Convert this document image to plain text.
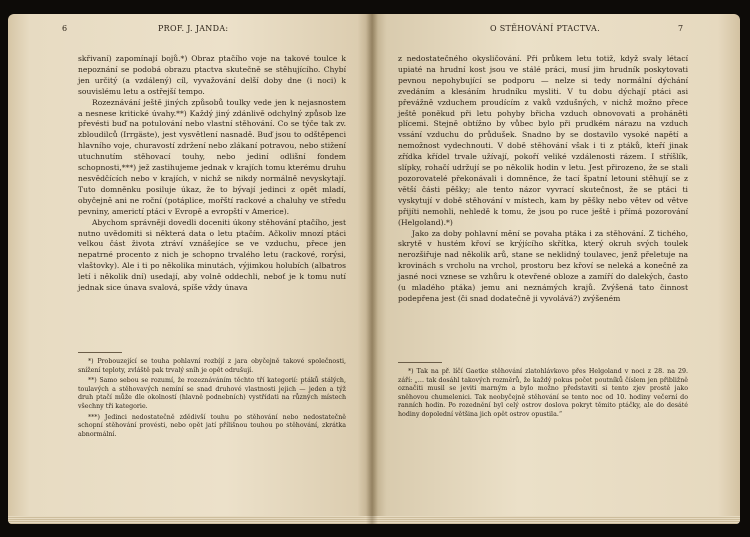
6	PROF. J. JANDA:

skřivaní) zapomínají bojů.*) Obraz ptačího voje na takové toulce k nepoznání se podobá obrazu ptactva skutečně se stěhujícího. Chybí jen určitý (a vzdálený) cíl, vyvažování delší doby dne (i noci) k souvislému letu a ostřejší tempo.

Rozeznávání ještě jiných způsobů toulky vede jen k nejasnostem a nesnese kritické úvahy.**) Každý jiný zdánlivě odchylný způsob lze převésti buď na potulování nebo vlastní stěhování. Co se týče tak zv. zbloudilců (Irrgäste), jest vysvětlení nasnadě. Buď jsou to odštěpenci hlavního voje, churavostí zdržení nebo zlákaní potravou, nebo stižení utuchnutím stěhovací touhy, nebo jediní odlišní fondem schopnosti,***) jež zastihujeme jednak v krajích tomu kterému druhu nesvědčících nebo v krajích, v nichž se nikdy normálně nevyskytají. Tuto domněnku posiluje úkaz, že to bývají jedinci z opět mladí, obyčejně ani ne roční (potáplice, mořští rackové a chaluhy ve středu pevniny, americtí ptáci v Evropě a evropští v Americe).

Abychom správněji dovedli doceniti úkony stěhování ptačího, jest nutno uvědomiti si některá data o letu ptačím. Ačkoliv mnozí ptáci velkou část života ztráví vznášejíce se ve vzduchu, přece jen nepatrné procento z nich je schopno trvalého letu (rackové, rorýsi, vlaštovky). Ale i ti po několika minutách, výjimkou holubích (albatros letí i několik dní) usedají, aby volně oddechli, neboť je k tomu nutí jednak sice únava svalová, spíše vždy únava

*) Probouzející se touha pohlavní rozbíjí z jara obyčejně takové společnosti, snížení teploty, zvláště pak trvalý sníh je opět odrušují.

**) Samo sebou se rozumí, že rozeznáváním těchto tří kategorií: ptáků stálých, toulavých a stěhovavých nemíní se snad druhové vlastnosti jejich — jeden a týž druh ptačí může dle okolností (hlavně podnebních) vystřídati na různých místech všechny tři kategorie.

***) Jedinci nedostatečně zdědivší touhu po stěhování nebo nedostatečně schopní stěhování provésti, nebo opět jatí přílišnou touhou po stěhování, zkrátka abnormální.

O STĚHOVÁNÍ PTACTVA.	7

z nedostatečného okysličování. Při průkem letu totiž, když svaly létací upiaté na hrudní kost jsou ve stálé práci, musí jim hrudník poskytovati pevnou nepohybující se podporu — nelze si tedy normální dýchání zvedáním a klesáním hrudníku mysliti. V tu dobu dýchají ptáci asi převážně vzduchem proudícím z vaků vzdušných, v nichž možno přece ještě poněkud při letu pohyby břicha vzduch obnovovati a proháněti plícemi. Stejně obtížno by vůbec bylo při prudkém nárazu na vzduch vssání vzduchu do průdušek. Snadno by se dostavilo vysoké napětí a nemožnost vydechnouti. V době stěhování však i ti z ptáků, kteří jinak zřídka křídel trvale užívají, pokoří veliké vzdálenosti rázem. I stříšlík, slípky, rohačí udržují se po několik hodin v letu. Jest přirozeno, že se stali pozorovatelé překonávali i domněnce, že tací špatní letouni stěhují se z větší části pěšky; ale tento názor vyvrací skutečnost, že se ptáci ti vyskytují v době stěhování v místech, kam by pěšky nebo větev od větve přijíti nemohli, nehledě k tomu, že jsou po ruce ještě i přímá pozorování (Helgoland).*)

Jako za doby pohlavní mění se povaha ptáka i za stěhování. Z tichého, skrytě v hustém křoví se krýjícího skřítka, který okruh svých toulek nerozšiřuje nad několik arů, stane se neklidný toulavec, jenž přeletuje na krovinách s vrcholu na vrchol, prostoru bez křoví se neleká a konečně za jasné noci vznese se vzhůru k otevřené obloze a zamíří do dalekých, často (u mladého ptáka) jemu ani neznámých krajů. Zvýšená tato činnost podepřena jest (či snad dodatečně ji vyvolává?) zvýšeném

*) Tak na př. líčí Gaetke stěhování zlatohlávkovo přes Helgoland v noci z 28. na 29. září: „… tak dosáhl takových rozměrů, že každý pokus počet poutníků číslem jen přibližně označiti musil se jeviti marným a bylo možno představiti si tento zjev prostě jako sněhovou chumelenici. Tak neobyčejně stěhování se tento noc od 10. hodiny večerní do ranních hodin. Po rozednění byl celý ostrov doslova pokryt těmito ptáčky, ale do desáté hodiny dopolední většina jich opět ostrov opustila.“
